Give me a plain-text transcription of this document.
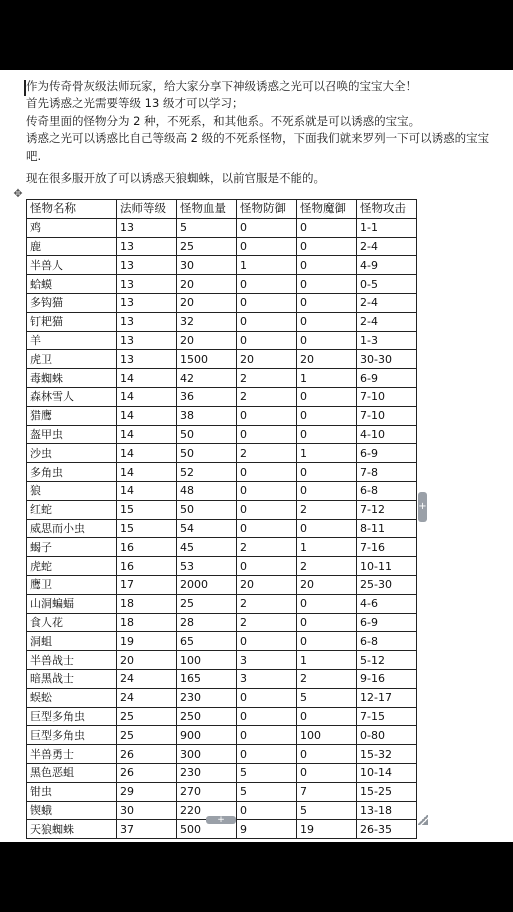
作为传奇骨灰级法师玩家，给大家分享下神级诱惑之光可以召唤的宝宝大全！

首先诱惑之光需要等级 13 级才可以学习；

传奇里面的怪物分为 2 种，不死系，和其他系。不死系就是可以诱惑的宝宝。

诱惑之光可以诱惑比自己等级高 2 级的不死系怪物，下面我们就来罗列一下可以诱惑的宝宝吧.

现在很多服开放了可以诱惑天狼蜘蛛，以前官服是不能的。

✥
怪物名称	法师等级	怪物血量	怪物防御	怪物魔御	怪物攻击
鸡	13	5	0	0	1-1
鹿	13	25	0	0	2-4
半兽人	13	30	1	0	4-9
蛤蟆	13	20	0	0	0-5
多钩猫	13	20	0	0	2-4
钉耙猫	13	32	0	0	2-4
羊	13	20	0	0	1-3
虎卫	13	1500	20	20	30-30
毒蜘蛛	14	42	2	1	6-9
森林雪人	14	36	2	0	7-10
猎鹰	14	38	0	0	7-10
盔甲虫	14	50	0	0	4-10
沙虫	14	50	2	1	6-9
多角虫	14	52	0	0	7-8
狼	14	48	0	0	6-8
红蛇	15	50	0	2	7-12
威思而小虫	15	54	0	0	8-11
蝎子	16	45	2	1	7-16
虎蛇	16	53	0	2	10-11
鹰卫	17	2000	20	20	25-30
山洞蝙蝠	18	25	2	0	4-6
食人花	18	28	2	0	6-9
洞蛆	19	65	0	0	6-8
半兽战士	20	100	3	1	5-12
暗黑战士	24	165	3	2	9-16
蜈蚣	24	230	0	5	12-17
巨型多角虫	25	250	0	0	7-15
巨型多角虫	25	900	0	100	0-80
半兽勇士	26	300	0	0	15-32
黑色恶蛆	26	230	5	0	10-14
钳虫	29	270	5	7	15-25
锲蛾	30	220	0	5	13-18
天狼蜘蛛	37	500	9	19	26-35
+
+
